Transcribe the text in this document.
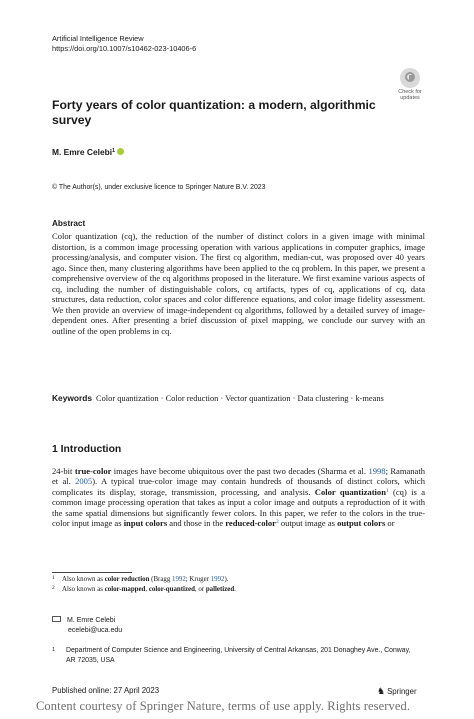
Artificial Intelligence Review
https://doi.org/10.1007/s10462-023-10406-6
Check for
updates
Forty years of color quantization: a modern, algorithmic survey
M. Emre Celebi$^1$
© The Author(s), under exclusive licence to Springer Nature B.V. 2023
Abstract
Color quantization (cq), the reduction of the number of distinct colors in a given image with minimal distortion, is a common image processing operation with various applications in computer graphics, image processing/analysis, and computer vision. The first cq algorithm, median-cut, was proposed over 40 years ago. Since then, many clustering algorithms have been applied to the cq problem. In this paper, we present a comprehensive overview of the cq algorithms proposed in the literature. We first examine various aspects of cq, including the number of distinguishable colors, cq artifacts, types of cq, applications of cq, data structures, data reduction, color spaces and color difference equations, and color image fidelity assessment. We then provide an overview of image-independent cq algorithms, followed by a detailed survey of image-dependent ones. After presenting a brief discussion of pixel mapping, we conclude our survey with an outline of the open problems in cq.
Keywords Color quantization · Color reduction · Vector quantization · Data clustering · k-means
1 Introduction
24-bit true-color images have become ubiquitous over the past two decades (Sharma et al. 1998; Ramanath et al. 2005). A typical true-color image may contain hundreds of thousands of distinct colors, which complicates its display, storage, transmission, processing, and analysis. Color quantization$^1$ (cq) is a common image processing operation that takes as input a color image and outputs a reproduction of it with the same spatial dimensions but significantly fewer colors. In this paper, we refer to the colors in the true-color input image as input colors and those in the reduced-color$^2$ output image as output colors or
1 Also known as color reduction (Bragg 1992; Kruger 1992).
2 Also known as color-mapped, color-quantized, or palletized.
M. Emre Celebi
ecelebi@uca.edu
1 Department of Computer Science and Engineering, University of Central Arkansas, 201 Donaghey Ave., Conway, AR 72035, USA
Published online: 27 April 2023	♞ Springer
Content courtesy of Springer Nature, terms of use apply. Rights reserved.
